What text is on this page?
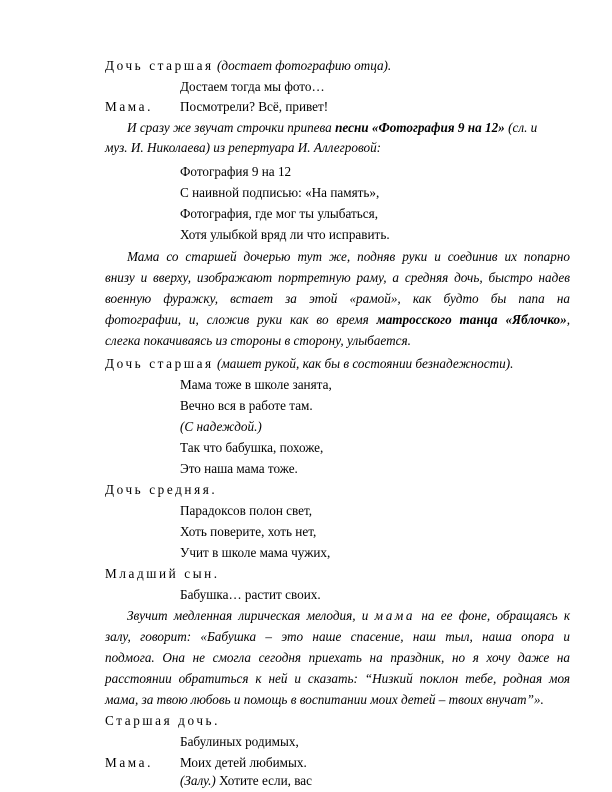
Дочь старшая (достает фотографию отца).
Достаем тогда мы фото…
Мама. Посмотрели? Всё, привет!
И сразу же звучат строчки припева песни «Фотография 9 на 12» (сл. и
муз. И. Николаева) из репертуара И. Аллегровой:
Фотография 9 на 12
С наивной подписью: «На память»,
Фотография, где мог ты улыбаться,
Хотя улыбкой вряд ли что исправить.
Мама со старшей дочерью тут же, подняв руки и соединив их попарно
внизу и вверху, изображают портретную раму, а средняя дочь, быстро надев
военную фуражку, встает за этой «рамой», как будто бы папа на
фотографии, и, сложив руки как во время матросского танца «Яблочко»,
слегка покачиваясь из стороны в сторону, улыбается.
Дочь старшая (машет рукой, как бы в состоянии безнадежности).
Мама тоже в школе занята,
Вечно вся в работе там.
(С надеждой.)
Так что бабушка, похоже,
Это наша мама тоже.
Дочь средняя.
Парадоксов полон свет,
Хоть поверите, хоть нет,
Учит в школе мама чужих,
Младший сын.
Бабушка… растит своих.
Звучит медленная лирическая мелодия, и мама на ее фоне, обращаясь к
залу, говорит: «Бабушка – это наше спасение, наш тыл, наша опора и
подмога. Она не смогла сегодня приехать на праздник, но я хочу даже на
расстоянии обратиться к ней и сказать: “Низкий поклон тебе, родная моя
мама, за твою любовь и помощь в воспитании моих детей – твоих внучат”».
Старшая дочь.
Бабулиных родимых,
Мама. Моих детей любимых.
(Залу.) Хотите если, вас
